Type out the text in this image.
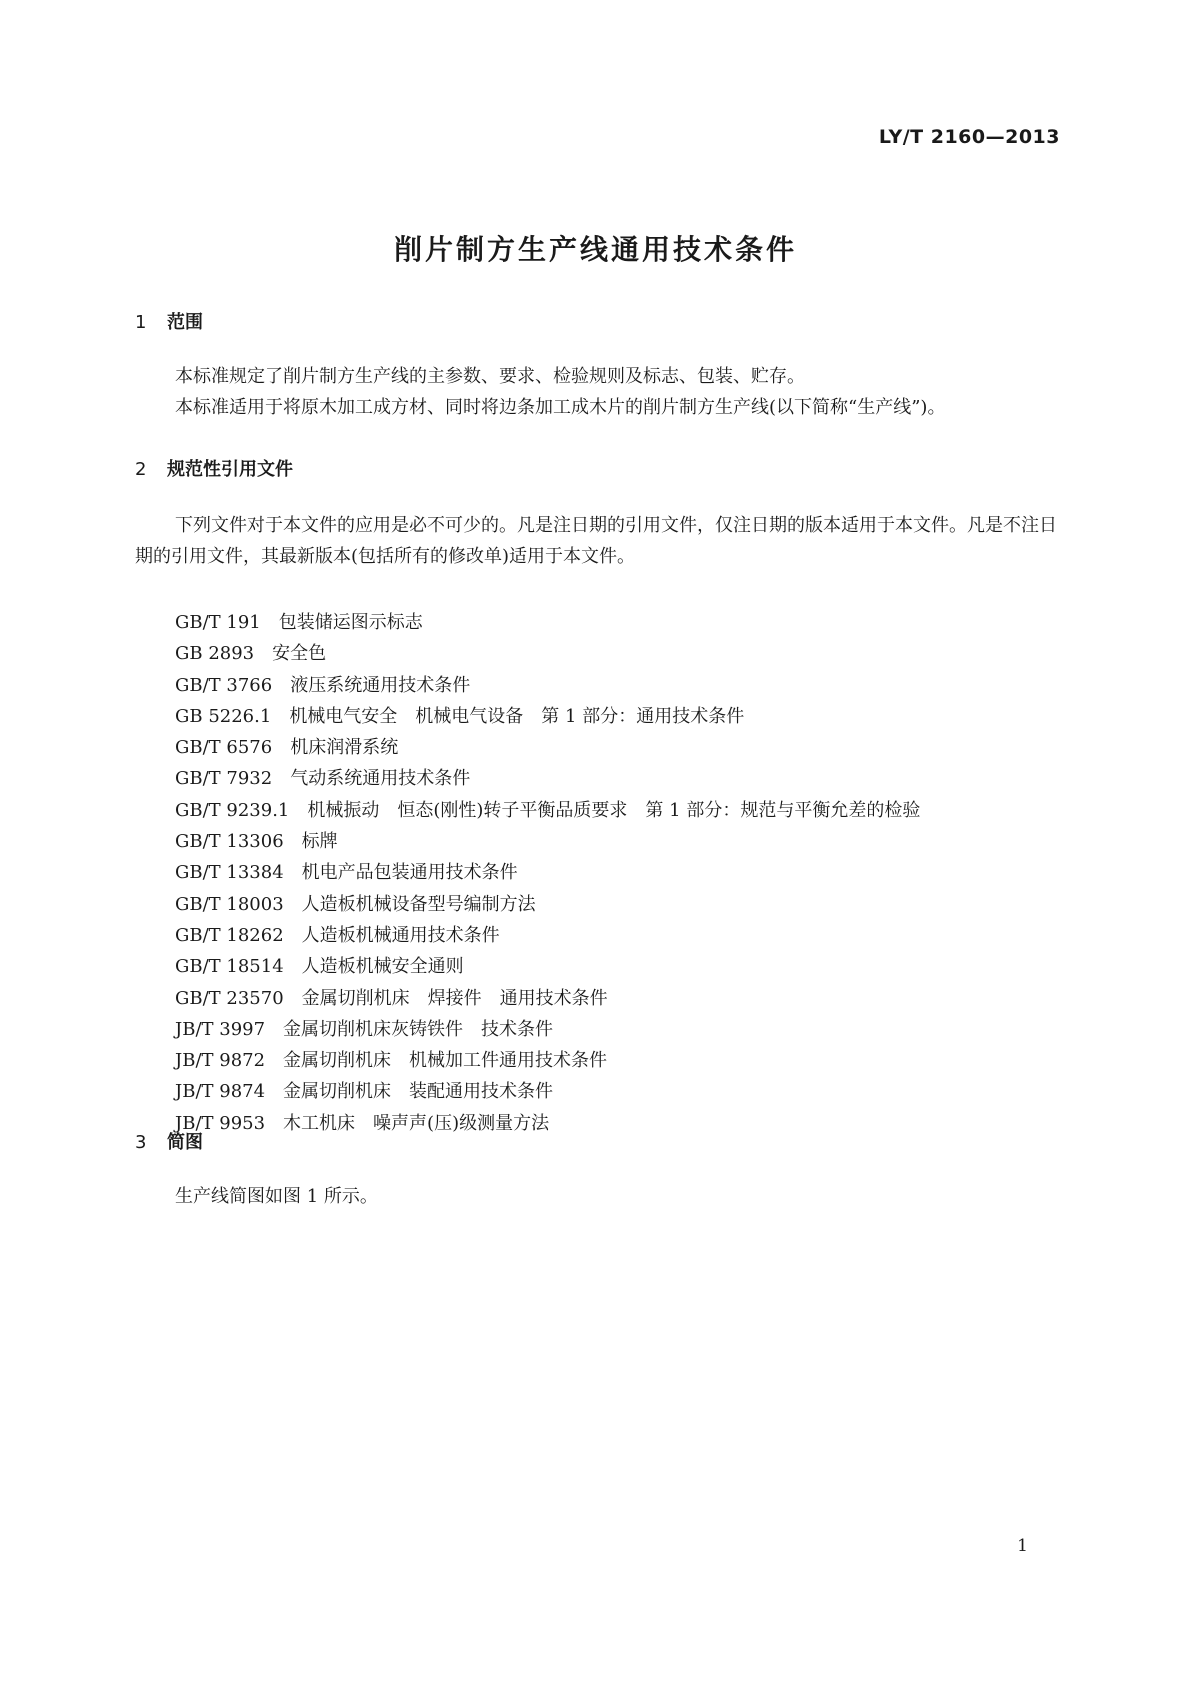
LY/T 2160—2013
削片制方生产线通用技术条件
1 范围
本标准规定了削片制方生产线的主参数、要求、检验规则及标志、包装、贮存。
本标准适用于将原木加工成方材、同时将边条加工成木片的削片制方生产线(以下简称“生产线”)。
2 规范性引用文件
下列文件对于本文件的应用是必不可少的。凡是注日期的引用文件，仅注日期的版本适用于本文件。凡是不注日期的引用文件，其最新版本(包括所有的修改单)适用于本文件。
GB/T 191 包装储运图示标志
GB 2893 安全色
GB/T 3766 液压系统通用技术条件
GB 5226.1 机械电气安全　机械电气设备　第 1 部分：通用技术条件
GB/T 6576 机床润滑系统
GB/T 7932 气动系统通用技术条件
GB/T 9239.1 机械振动　恒态(刚性)转子平衡品质要求　第 1 部分：规范与平衡允差的检验
GB/T 13306 标牌
GB/T 13384 机电产品包装通用技术条件
GB/T 18003 人造板机械设备型号编制方法
GB/T 18262 人造板机械通用技术条件
GB/T 18514 人造板机械安全通则
GB/T 23570 金属切削机床　焊接件　通用技术条件
JB/T 3997 金属切削机床灰铸铁件　技术条件
JB/T 9872 金属切削机床　机械加工件通用技术条件
JB/T 9874 金属切削机床　装配通用技术条件
JB/T 9953 木工机床　噪声声(压)级测量方法
3 简图
生产线简图如图 1 所示。
1
